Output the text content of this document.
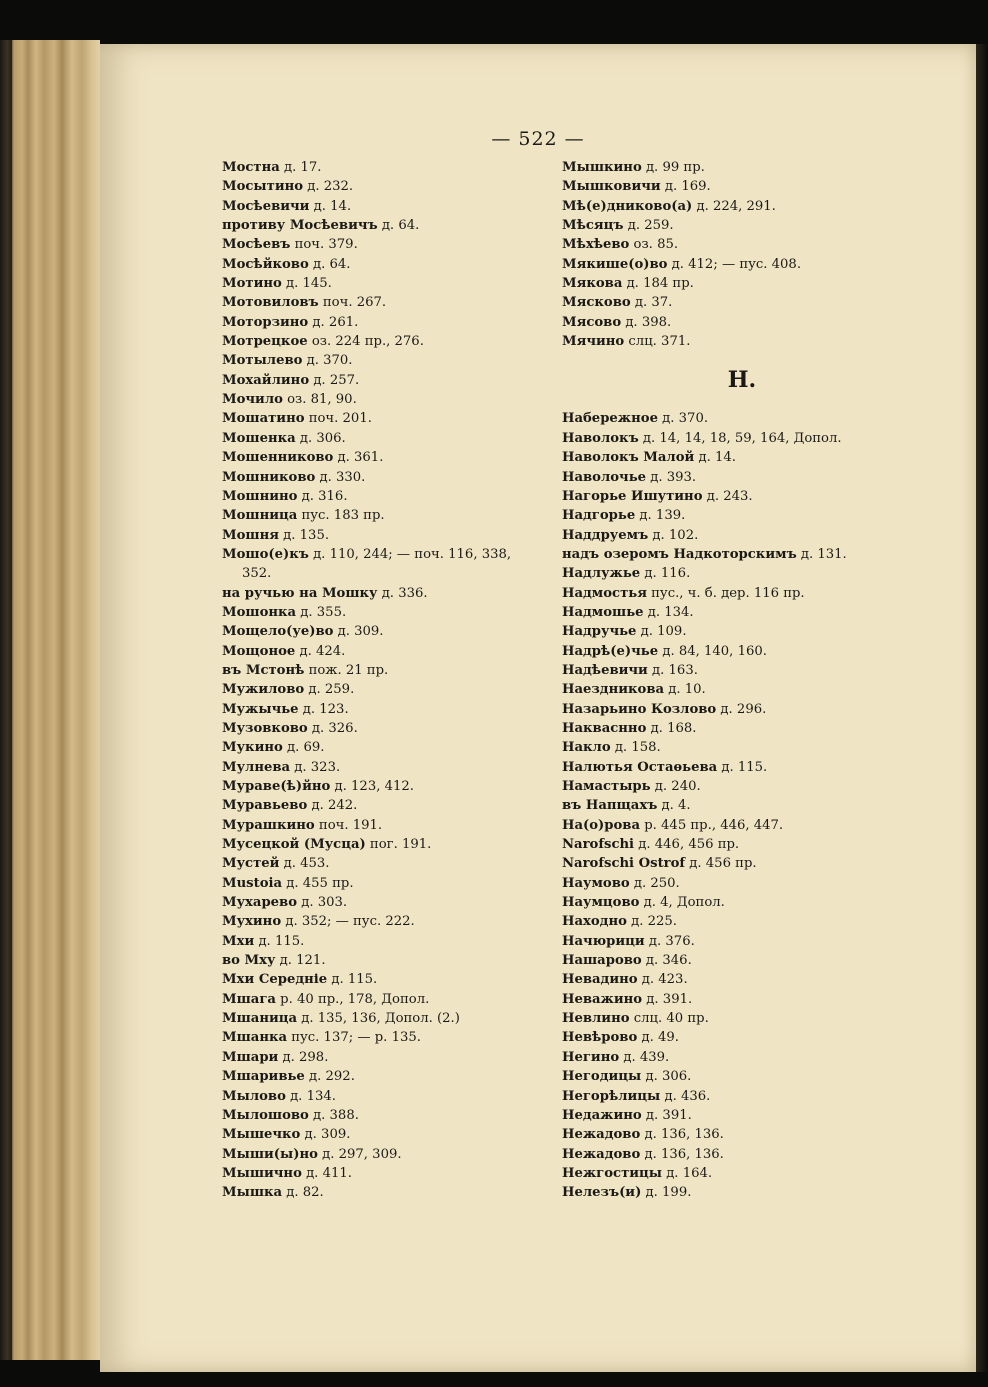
— 522 —
Мостна д. 17.
Мосытино д. 232.
Мосѣевичи д. 14.
противу Мосѣевичъ д. 64.
Мосѣевъ поч. 379.
Мосѣйково д. 64.
Мотино д. 145.
Мотовиловъ поч. 267.
Моторзино д. 261.
Мотрецкое оз. 224 пр., 276.
Мотылево д. 370.
Мохайлино д. 257.
Мочило оз. 81, 90.
Мошатино поч. 201.
Мошенка д. 306.
Мошенниково д. 361.
Мошниково д. 330.
Мошнино д. 316.
Мошница пус. 183 пр.
Мошня д. 135.
Мошо(е)къ д. 110, 244; — поч. 116, 338,
352.
на ручью на Мошку д. 336.
Мошонка д. 355.
Мощело(уе)во д. 309.
Мощоное д. 424.
въ Мстонѣ пож. 21 пр.
Мужилово д. 259.
Мужычье д. 123.
Музовково д. 326.
Мукино д. 69.
Мулнева д. 323.
Мураве(ѣ)йно д. 123, 412.
Муравьево д. 242.
Мурашкино поч. 191.
Мусецкой (Мусца) пог. 191.
Мустей д. 453.
Mustoia д. 455 пр.
Мухарево д. 303.
Мухино д. 352; — пус. 222.
Мхи д. 115.
во Мху д. 121.
Мхи Середніе д. 115.
Мшага р. 40 пр., 178, Допол.
Мшаница д. 135, 136, Допол. (2.)
Мшанка пус. 137; — р. 135.
Мшари д. 298.
Мшаривье д. 292.
Мылово д. 134.
Мылошово д. 388.
Мышечко д. 309.
Мыши(ы)но д. 297, 309.
Мышично д. 411.
Мышка д. 82.
Мышкино д. 99 пр.
Мышковичи д. 169.
Мѣ(е)дниково(а) д. 224, 291.
Мѣсяцъ д. 259.
Мѣхѣево оз. 85.
Мякише(о)во д. 412; — пус. 408.
Мякова д. 184 пр.
Мясково д. 37.
Мясово д. 398.
Мячино слц. 371.
Н.
Набережное д. 370.
Наволокъ д. 14, 14, 18, 59, 164, Допол.
Наволокъ Малой д. 14.
Наволочье д. 393.
Нагорье Ишутино д. 243.
Надгорье д. 139.
Наддруемъ д. 102.
надъ озеромъ Надкоторскимъ д. 131.
Надлужье д. 116.
Надмостья пус., ч. б. дер. 116 пр.
Надмошье д. 134.
Надручье д. 109.
Надрѣ(е)чье д. 84, 140, 160.
Надѣевичи д. 163.
Наездникова д. 10.
Назарьино Козлово д. 296.
Накваснно д. 168.
Накло д. 158.
Налютья Остаѳьева д. 115.
Намастырь д. 240.
въ Напщахъ д. 4.
На(о)рова р. 445 пр., 446, 447.
Narofschi д. 446, 456 пр.
Narofschi Ostrof д. 456 пр.
Наумово д. 250.
Наумцово д. 4, Допол.
Находно д. 225.
Начюрици д. 376.
Нашарово д. 346.
Невадино д. 423.
Неважино д. 391.
Невлино слц. 40 пр.
Невѣрово д. 49.
Негино д. 439.
Негодицы д. 306.
Негорѣлицы д. 436.
Недажино д. 391.
Нежадово д. 136, 136.
Нежадово д. 136, 136.
Нежгостицы д. 164.
Нелезъ(и) д. 199.
